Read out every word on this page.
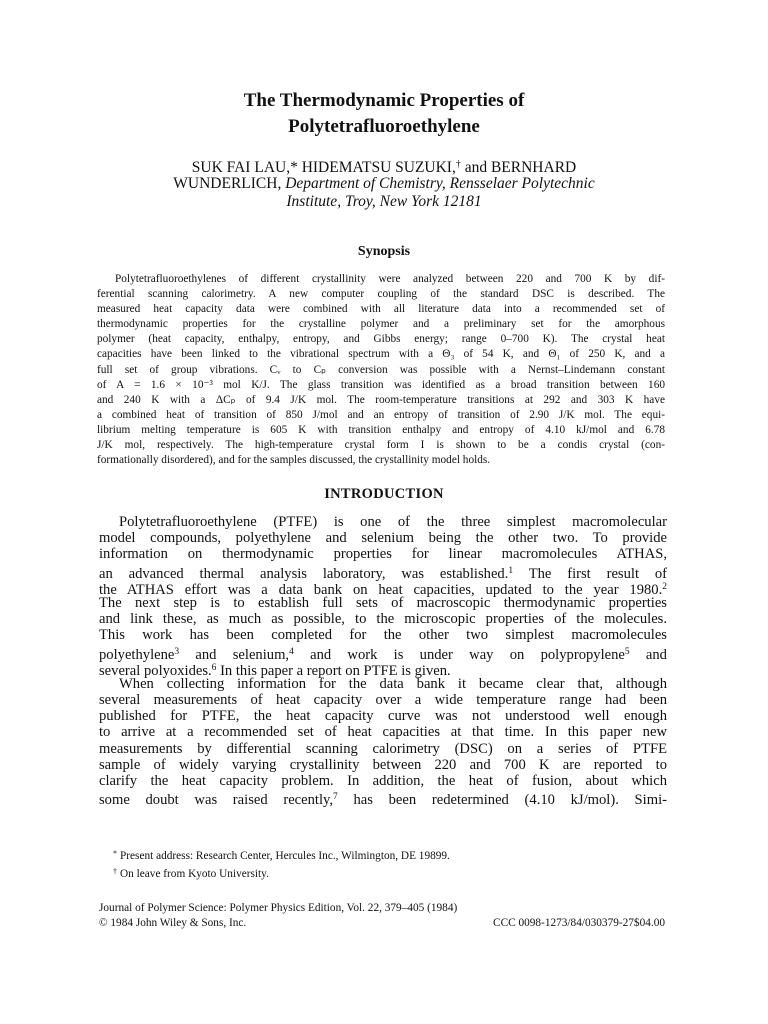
The Thermodynamic Properties of
Polytetrafluoroethylene
SUK FAI LAU,* HIDEMATSU SUZUKI,† and BERNHARD
WUNDERLICH, Department of Chemistry, Rensselaer Polytechnic
Institute, Troy, New York 12181
Synopsis
Polytetrafluoroethylenes of different crystallinity were analyzed between 220 and 700 K by dif-
ferential scanning calorimetry. A new computer coupling of the standard DSC is described. The
measured heat capacity data were combined with all literature data into a recommended set of
thermodynamic properties for the crystalline polymer and a preliminary set for the amorphous
polymer (heat capacity, enthalpy, entropy, and Gibbs energy; range 0–700 K). The crystal heat
capacities have been linked to the vibrational spectrum with a Θ₃ of 54 K, and Θ₁ of 250 K, and a
full set of group vibrations. Cᵥ to Cₚ conversion was possible with a Nernst–Lindemann constant
of A = 1.6 × 10⁻³ mol K/J. The glass transition was identified as a broad transition between 160
and 240 K with a ΔCₚ of 9.4 J/K mol. The room-temperature transitions at 292 and 303 K have
a combined heat of transition of 850 J/mol and an entropy of transition of 2.90 J/K mol. The equi-
librium melting temperature is 605 K with transition enthalpy and entropy of 4.10 kJ/mol and 6.78
J/K mol, respectively. The high-temperature crystal form I is shown to be a condis crystal (con-
formationally disordered), and for the samples discussed, the crystallinity model holds.
INTRODUCTION
Polytetrafluoroethylene (PTFE) is one of the three simplest macromolecular
model compounds, polyethylene and selenium being the other two. To provide
information on thermodynamic properties for linear macromolecules ATHAS,
an advanced thermal analysis laboratory, was established.$^1$ The first result of
the ATHAS effort was a data bank on heat capacities, updated to the year 1980.$^2$
The next step is to establish full sets of macroscopic thermodynamic properties
and link these, as much as possible, to the microscopic properties of the molecules.
This work has been completed for the other two simplest macromolecules
polyethylene$^3$ and selenium,$^4$ and work is under way on polypropylene$^5$ and
several polyoxides.$^6$ In this paper a report on PTFE is given.
When collecting information for the data bank it became clear that, although
several measurements of heat capacity over a wide temperature range had been
published for PTFE, the heat capacity curve was not understood well enough
to arrive at a recommended set of heat capacities at that time. In this paper new
measurements by differential scanning calorimetry (DSC) on a series of PTFE
sample of widely varying crystallinity between 220 and 700 K are reported to
clarify the heat capacity problem. In addition, the heat of fusion, about which
some doubt was raised recently,$^7$ has been redetermined (4.10 kJ/mol). Simi-
* Present address: Research Center, Hercules Inc., Wilmington, DE 19899.
† On leave from Kyoto University.
Journal of Polymer Science: Polymer Physics Edition, Vol. 22, 379–405 (1984)
© 1984 John Wiley & Sons, Inc.	CCC 0098-1273/84/030379-27$04.00
